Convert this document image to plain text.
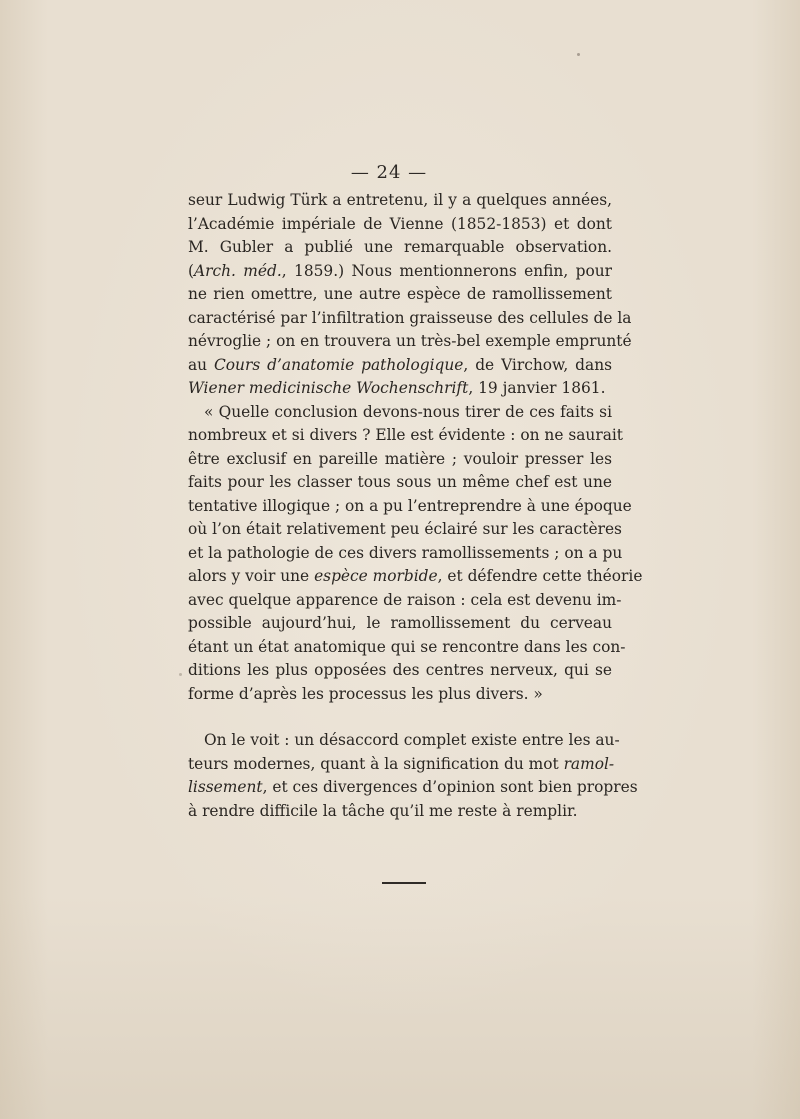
— 24 —
seur Ludwig Türk a entretenu, il y a quelques années,
l’Académie impériale de Vienne (1852-1853) et dont
M. Gubler a publié une remarquable observation.
(Arch. méd., 1859.) Nous mentionnerons enfin, pour
ne rien omettre, une autre espèce de ramollissement
caractérisé par l’infiltration graisseuse des cellules de la
névroglie ; on en trouvera un très-bel exemple emprunté
au Cours d’anatomie pathologique, de Virchow, dans
Wiener medicinische Wochenschrift, 19 janvier 1861.
« Quelle conclusion devons-nous tirer de ces faits si
nombreux et si divers ? Elle est évidente : on ne saurait
être exclusif en pareille matière ; vouloir presser les
faits pour les classer tous sous un même chef est une
tentative illogique ; on a pu l’entreprendre à une époque
où l’on était relativement peu éclairé sur les caractères
et la pathologie de ces divers ramollissements ; on a pu
alors y voir une espèce morbide, et défendre cette théorie
avec quelque apparence de raison : cela est devenu im-
possible aujourd’hui, le ramollissement du cerveau
étant un état anatomique qui se rencontre dans les con-
ditions les plus opposées des centres nerveux, qui se
forme d’après les processus les plus divers. »
On le voit : un désaccord complet existe entre les au-
teurs modernes, quant à la signification du mot ramol-
lissement, et ces divergences d’opinion sont bien propres
à rendre difficile la tâche qu’il me reste à remplir.
